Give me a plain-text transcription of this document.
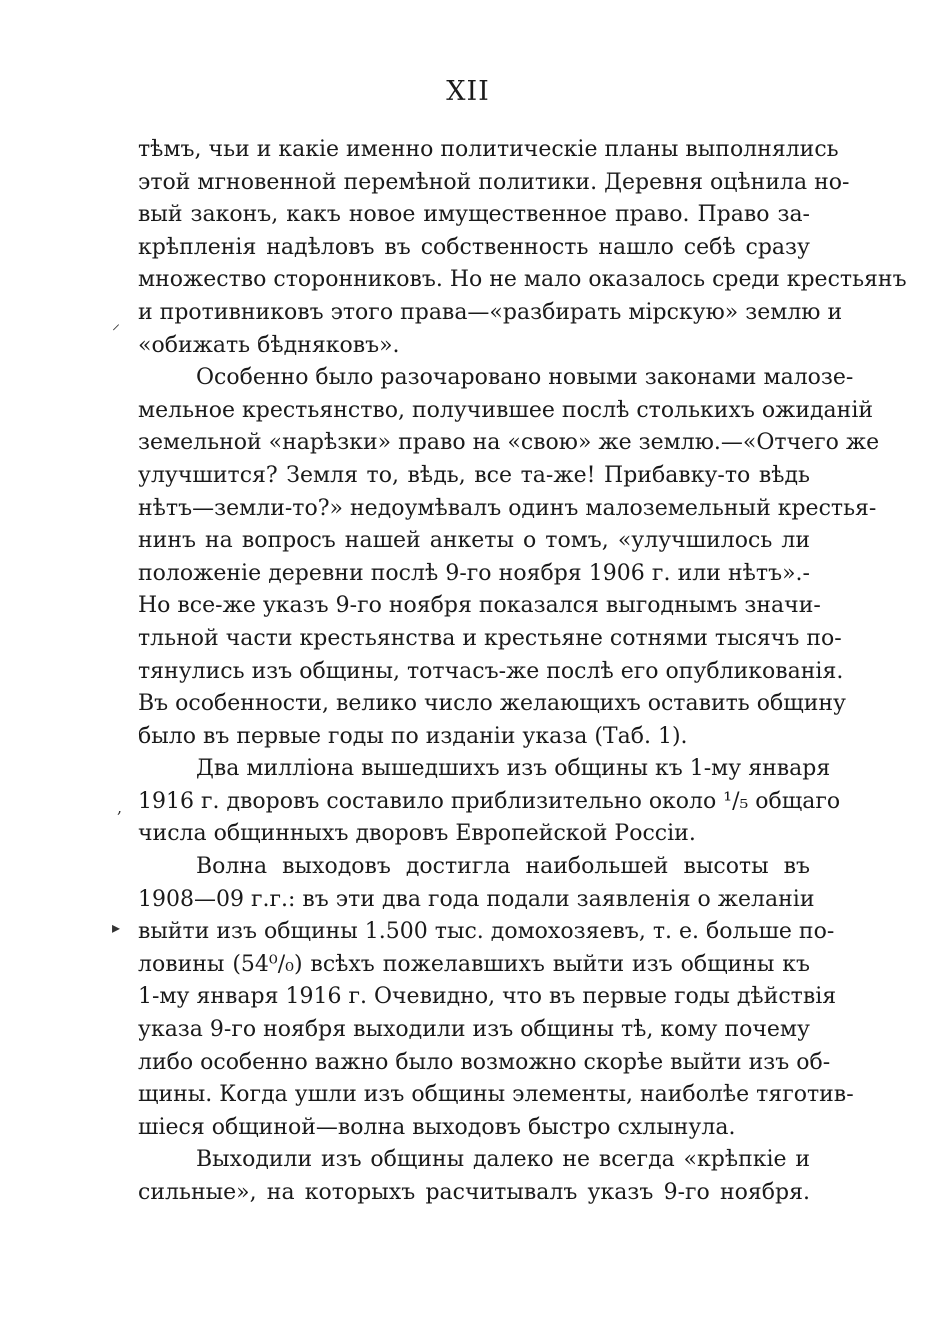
XII
тѣмъ, чьи и какіе именно политическіе планы выполнялись
этой мгновенной перемѣной политики. Деревня оцѣнила но-
вый законъ, какъ новое имущественное право. Право за-
крѣпленія надѣловъ въ собственность нашло себѣ сразу
множество сторонниковъ. Но не мало оказалось среди крестьянъ
и противниковъ этого права—«разбирать мірскую» землю и
«обижать бѣдняковъ».
Особенно было разочаровано новыми законами малозе-
мельное крестьянство, получившее послѣ столькихъ ожиданій
земельной «нарѣзки» право на «свою» же землю.—«Отчего же
улучшится? Земля то, вѣдь, все та-же! Прибавку-то вѣдь
нѣтъ—земли-то?» недоумѣвалъ одинъ малоземельный крестья-
нинъ на вопросъ нашей анкеты о томъ, «улучшилось ли
положеніе деревни послѣ 9-го ноября 1906 г. или нѣтъ».-
Но все-же указъ 9-го ноября показался выгоднымъ значи-
тльной части крестьянства и крестьяне сотнями тысячъ по-
тянулись изъ общины, тотчасъ-же послѣ его опубликованія.
Въ особенности, велико число желающихъ оставить общину
было въ первые годы по изданіи указа (Таб. 1).
Два милліона вышедшихъ изъ общины къ 1-му января
1916 г. дворовъ составило приблизительно около ¹/₅ общаго
числа общинныхъ дворовъ Европейской Россіи.
Волна выходовъ достигла наибольшей высоты въ
1908—09 г.г.: въ эти два года подали заявленія о желаніи
выйти изъ общины 1.500 тыс. домохозяевъ, т. е. больше по-
ловины (54⁰/₀) всѣхъ пожелавшихъ выйти изъ общины къ
1-му января 1916 г. Очевидно, что въ первые годы дѣйствія
указа 9-го ноября выходили изъ общины тѣ, кому почему
либо особенно важно было возможно скорѣе выйти изъ об-
щины. Когда ушли изъ общины элементы, наиболѣе тяготив-
шіеся общиной—волна выходовъ быстро схлынула.
Выходили изъ общины далеко не всегда «крѣпкіе и
сильные», на которыхъ расчитывалъ указъ 9-го ноября.
⸝
,
▸
